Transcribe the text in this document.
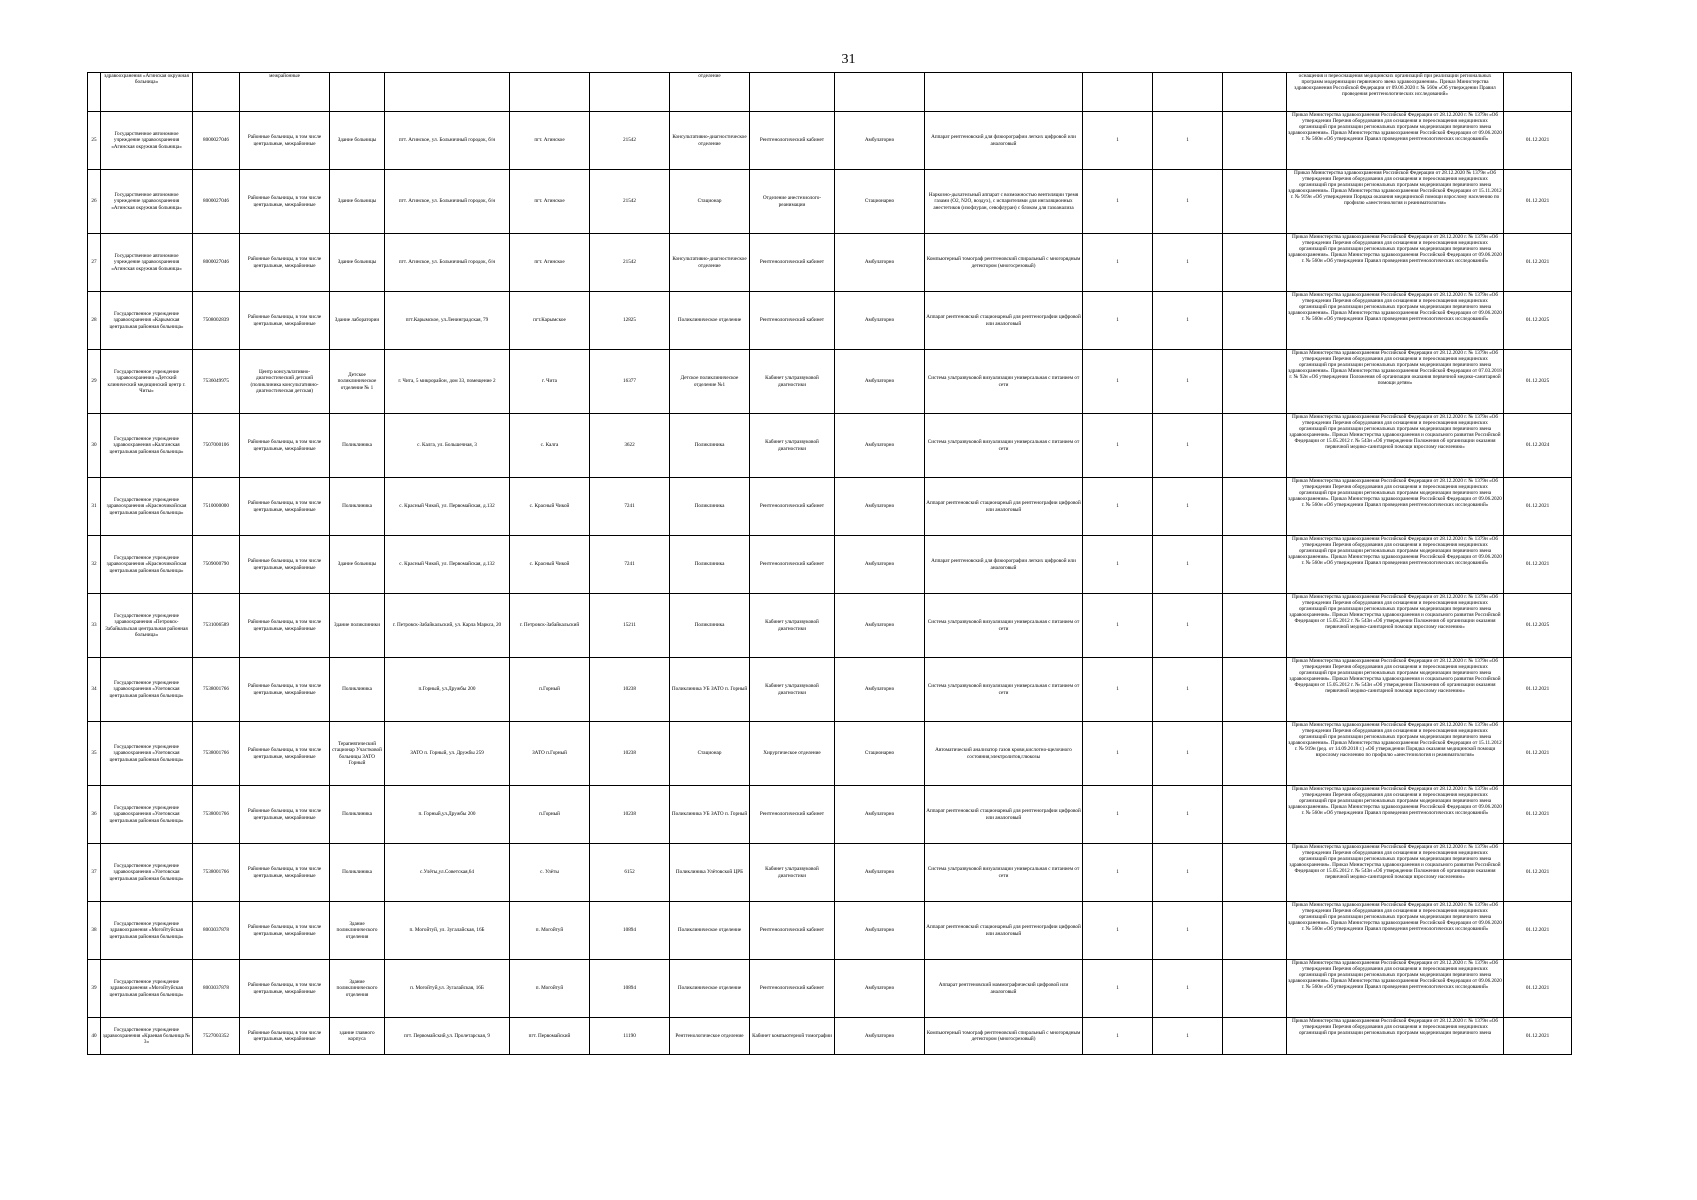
31
	здравоохранения «Агинская окружная больница»		межрайонные					отделение							оснащения и переоснащения медицинских организаций при реализации региональных программ модернизации первичного звена здравоохранения». Приказ Министерства здравоохранения Российской Федерации от 09.06.2020 г. № 560н «Об утверждении Правил проведения рентгенологических исследований»	
25	Государственное автономное учреждение здравоохранения «Агинская окружная больница»	8000027046	Районные больницы, в том числе центральные, межрайонные	Здание больницы	пгт. Агинское, ул. Больничный городок, б/н	пгт. Агинское	21542	Консультативно-диагностическое отделение	Рентгенологический кабинет	Амбулаторно	Аппарат рентгеновский для флюорографии легких цифровой или аналоговый	1	1		Приказ Министерства здравоохранения Российской Федерации от 28.12.2020 г. № 1379н «Об утверждении Перечня оборудования для оснащения и переоснащения медицинских организаций при реализации региональных программ модернизации первичного звена здравоохранения». Приказ Министерства здравоохранения Российской Федерации от 09.06.2020 г. № 560н «Об утверждении Правил проведения рентгенологических исследований»	01.12.2021
26	Государственное автономное учреждение здравоохранения «Агинская окружная больница»	8000027046	Районные больницы, в том числе центральные, межрайонные	Здание больницы	пгт. Агинское, ул. Больничный городок, б/н	пгт. Агинское	21542	Стационар	Отделение анестезиолого-реанимации	Стационарно	Наркозно-дыхательный аппарат с возможностью вентиляции тремя газами (O2, N2O, воздух), с испарителями для ингаляционных анестетиков (изофлуран, севофлуран) с блоком для газоанализа	1	1		Приказ Министерства здравоохранения Российской Федерации от 28.12.2020 № 1379н «Об утверждении Перечня оборудования для оснащения и переоснащения медицинских организаций при реализации региональных программ модернизации первичного звена здравоохранения». Приказ Министерства здравоохранения Российской Федерации от 15.11.2012 г. № 919н «Об утверждении Порядка оказания медицинской помощи взрослому населению по профилю «анестезиология и реаниматология»	01.12.2021
27	Государственное автономное учреждение здравоохранения «Агинская окружная больница»	8000027046	Районные больницы, в том числе центральные, межрайонные	Здание больницы	пгт. Агинское, ул. Больничный городок, б/н	пгт. Агинское	21542	Консультативно-диагностическое отделение	Рентгенологический кабинет	Амбулаторно	Компьютерный томограф рентгеновский спиральный с многорядным детектором (многосрезовый)	1	1		Приказ Министерства здравоохранения Российской Федерации от 28.12.2020 г. № 1379н «Об утверждении Перечня оборудования для оснащения и переоснащения медицинских организаций при реализации региональных программ модернизации первичного звена здравоохранения». Приказ Министерства здравоохранения Российской Федерации от 09.06.2020 г. № 560н «Об утверждении Правил проведения рентгенологических исследований»	01.12.2021
28	Государственное учреждение здравоохранения «Карымская центральная районная больница»	7508002839	Районные больницы, в том числе центральные, межрайонные	Здание лаборатории	пгт.Карымское, ул.Ленинградская, 79	пгт.Карымское	12825	Поликлиническое отделение	Рентгенологический кабинет	Амбулаторно	Аппарат рентгеновский стационарный для рентгенографии цифровой или аналоговый	1	1		Приказ Министерства здравоохранения Российской Федерации от 28.12.2020 г. № 1379н «Об утверждении Перечня оборудования для оснащения и переоснащения медицинских организаций при реализации региональных программ модернизации первичного звена здравоохранения». Приказ Министерства здравоохранения Российской Федерации от 09.06.2020 г. № 560н «Об утверждении Правил проведения рентгенологических исследований»	01.12.2025
29	Государственное учреждение здравоохранения «Детский клинический медицинский центр г. Читы»	7536049975	Центр консультативно-диагностический детский (поликлиника консультативно-диагностическая детская)	Детское поликлиническое отделение № 1	г. Чита, 5 микрорайон, дом 33, помещение 2	г. Чита	16377	Детское поликлиническое отделение №1	Кабинет ультразвуковой диагностики	Амбулаторно	Система ультразвуковой визуализации универсальная с питанием от сети	1	1		Приказ Министерства здравоохранения Российской Федерации от 28.12.2020 г. № 1379н «Об утверждении Перечня оборудования для оснащения и переоснащения медицинских организаций при реализации региональных программ модернизации первичного звена здравоохранения». Приказ Министерства здравоохранения Российской Федерации от 07.03.2018 г. № 92н «Об утверждении Положения об организации оказания первичной медико-санитарной помощи детям»	01.12.2025
30	Государственное учреждение здравоохранения «Калганская центральная районная больница»	7507000106	Районные больницы, в том числе центральные, межрайонные	Поликлиника	с. Калга, ул. Большечная, 3	с. Калга	3622	Поликлиника	Кабинет ультразвуковой диагностики	Амбулаторно	Система ультразвуковой визуализации универсальная с питанием от сети	1	1		Приказ Министерства здравоохранения Российской Федерации от 28.12.2020 г. № 1379н «Об утверждении Перечня оборудования для оснащения и переоснащения медицинских организаций при реализации региональных программ модернизации первичного звена здравоохранения». Приказ Министерства здравоохранения и социального развития Российской Федерации от 15.05.2012 г. № 543н «Об утверждении Положения об организации оказания первичной медико-санитарной помощи взрослому населению»	01.12.2024
31	Государственное учреждение здравоохранения «Красночикойская центральная районная больница»	7510000000	Районные больницы, в том числе центральные, межрайонные	Поликлиника	с. Красный Чикой, ул. Первомайская, д.132	с. Красный Чикой	7241	Поликлиника	Рентгенологический кабинет	Амбулаторно	Аппарат рентгеновский стационарный для рентгенографии цифровой или аналоговый	1	1		Приказ Министерства здравоохранения Российской Федерации от 28.12.2020 г. № 1379н «Об утверждении Перечня оборудования для оснащения и переоснащения медицинских организаций при реализации региональных программ модернизации первичного звена здравоохранения». Приказ Министерства здравоохранения Российской Федерации от 09.06.2020 г. № 560н «Об утверждении Правил проведения рентгенологических исследований»	01.12.2021
32	Государственное учреждение здравоохранения «Красночикойская центральная районная больница»	7509000790	Районные больницы, в том числе центральные, межрайонные	Здание больницы	с. Красный Чикой, ул. Первомайская, д.132	с. Красный Чикой	7241	Поликлиника	Рентгенологический кабинет	Амбулаторно	Аппарат рентгеновский для флюорографии легких цифровой или аналоговый	1	1		Приказ Министерства здравоохранения Российской Федерации от 28.12.2020 г. № 1379н «Об утверждении Перечня оборудования для оснащения и переоснащения медицинских организаций при реализации региональных программ модернизации первичного звена здравоохранения». Приказ Министерства здравоохранения Российской Федерации от 09.06.2020 г. № 560н «Об утверждении Правил проведения рентгенологических исследований»	01.12.2021
33	Государственное учреждение здравоохранения «Петровск-Забайкальская центральная районная больница»	7531006589	Районные больницы, в том числе центральные, межрайонные	Здание поликлиники	г. Петровск-Забайкальский, ул. Карла Маркса, 20	г. Петровск-Забайкальский	15211	Поликлиника	Кабинет ультразвуковой диагностики	Амбулаторно	Система ультразвуковой визуализации универсальная с питанием от сети	1	1		Приказ Министерства здравоохранения Российской Федерации от 28.12.2020 г. № 1379н «Об утверждении Перечня оборудования для оснащения и переоснащения медицинских организаций при реализации региональных программ модернизации первичного звена здравоохранения». Приказ Министерства здравоохранения и социального развития Российской Федерации от 15.05.2012 г. № 543н «Об утверждении Положения об организации оказания первичной медико-санитарной помощи взрослому населению»	01.12.2025
34	Государственное учреждение здравоохранения «Улетовская центральная районная больница»	7538001766	Районные больницы, в том числе центральные, межрайонные	Поликлиника	п.Горный, ул.Дружбы 200	п.Горный	10238	Поликлиника УБ ЗАТО п. Горный	Кабинет ультразвуковой диагностики	Амбулаторно	Система ультразвуковой визуализации универсальная с питанием от сети	1	1		Приказ Министерства здравоохранения Российской Федерации от 28.12.2020 г. № 1379н «Об утверждении Перечня оборудования для оснащения и переоснащения медицинских организаций при реализации региональных программ модернизации первичного звена здравоохранения». Приказ Министерства здравоохранения и социального развития Российской Федерации от 15.05.2012 г. № 543н «Об утверждении Положения об организации оказания первичной медико-санитарной помощи взрослому населению»	01.12.2021
35	Государственное учреждение здравоохранения «Улетовская центральная районная больница»	7538001766	Районные больницы, в том числе центральные, межрайонные	Терапевтический стационар Участковой больницы ЗАТО Горный	ЗАТО п. Горный, ул. Дружбы 259	ЗАТО п.Горный	10238	Стационар	Хирургическое отделение	Стационарно	Автоматический анализатор газов крови,кислотно-щелочного состояния,электролитов,глюкозы	1	1		Приказ Министерства здравоохранения Российской Федерации от 28.12.2020 г. № 1379н «Об утверждении Перечня оборудования для оснащения и переоснащения медицинских организаций при реализации региональных программ модернизации первичного звена здравоохранения». Приказ Министерства здравоохранения Российской Федерации от 15.11.2012 г. № 919н (ред. от 14.09.2018 г.) «Об утверждении Порядка оказания медицинской помощи взрослому населению по профилю «анестезиология и реаниматология»	01.12.2021
36	Государственное учреждение здравоохранения «Улетовская центральная районная больница»	7538001766	Районные больницы, в том числе центральные, межрайонные	Поликлиника	п. Горный,ул.Дружбы 200	п.Горный	10238	Поликлиника УБ ЗАТО п. Горный	Рентгенологический кабинет	Амбулаторно	Аппарат рентгеновский стационарный для рентгенографии цифровой или аналоговый	1	1		Приказ Министерства здравоохранения Российской Федерации от 28.12.2020 г. № 1379н «Об утверждении Перечня оборудования для оснащения и переоснащения медицинских организаций при реализации региональных программ модернизации первичного звена здравоохранения». Приказ Министерства здравоохранения Российской Федерации от 09.06.2020 г. № 560н «Об утверждении Правил проведения рентгенологических исследований»	01.12.2021
37	Государственное учреждение здравоохранения «Улетовская центральная районная больница»	7538001766	Районные больницы, в том числе центральные, межрайонные	Поликлиника	с.Улёты,ул.Советская,64	с. Улёты	6152	Поликлиника Улётовской ЦРБ	Кабинет ультразвуковой диагностики	Амбулаторно	Система ультразвуковой визуализации универсальная с питанием от сети	1	1		Приказ Министерства здравоохранения Российской Федерации от 28.12.2020 г. № 1379н «Об утверждении Перечня оборудования для оснащения и переоснащения медицинских организаций при реализации региональных программ модернизации первичного звена здравоохранения». Приказ Министерства здравоохранения и социального развития Российской Федерации от 15.05.2012 г. № 543н «Об утверждении Положения об организации оказания первичной медико-санитарной помощи взрослому населению»	01.12.2021
38	Государственное учреждение здравоохранения «Могойтуйская центральная районная больница»	8003037878	Районные больницы, в том числе центральные, межрайонные	Здание поликлинического отделения	п. Могойтуй, ул. Зугалайская, 16Б	п. Могойтуй	10894	Поликлиническое отделение	Рентгенологический кабинет	Амбулаторно	Аппарат рентгеновский стационарный для рентгенографии цифровой или аналоговый	1	1		Приказ Министерства здравоохранения Российской Федерации от 28.12.2020 г. № 1379н «Об утверждении Перечня оборудования для оснащения и переоснащения медицинских организаций при реализации региональных программ модернизации первичного звена здравоохранения». Приказ Министерства здравоохранения Российской Федерации от 09.06.2020 г. № 560н «Об утверждении Правил проведения рентгенологических исследований»	01.12.2021
39	Государственное учреждение здравоохранения «Могойтуйская центральная районная больница»	8003037878	Районные больницы, в том числе центральные, межрайонные	Здание поликлинического отделения	п. Могойтуй,ул. Зугалайская, 16Б	п. Могойтуй	10894	Поликлиническое отделение	Рентгенологический кабинет	Амбулаторно	Аппарат рентгеновский маммографический цифровой или аналоговый	1	1		Приказ Министерства здравоохранения Российской Федерации от 28.12.2020 г. № 1379н «Об утверждении Перечня оборудования для оснащения и переоснащения медицинских организаций при реализации региональных программ модернизации первичного звена здравоохранения». Приказ Министерства здравоохранения Российской Федерации от 09.06.2020 г. № 560н «Об утверждении Правил проведения рентгенологических исследований»	01.12.2021
40	Государственное учреждение здравоохранения «Краевая больница № 3»	7527003352	Районные больницы, в том числе центральные, межрайонные	здание главного корпуса	пгт. Первомайский,ул. Пролетарская, 9	пгт. Первомайский	11190	Рентгенологическое отделение	Кабинет компьютерной томографии	Амбулаторно	Компьютерный томограф рентгеновский спиральный с многорядным детектором (многосрезовый)	1	1		Приказ Министерства здравоохранения Российской Федерации от 28.12.2020 г. № 1379н «Об утверждении Перечня оборудования для оснащения и переоснащения медицинских организаций при реализации региональных программ модернизации первичного звена	01.12.2021
